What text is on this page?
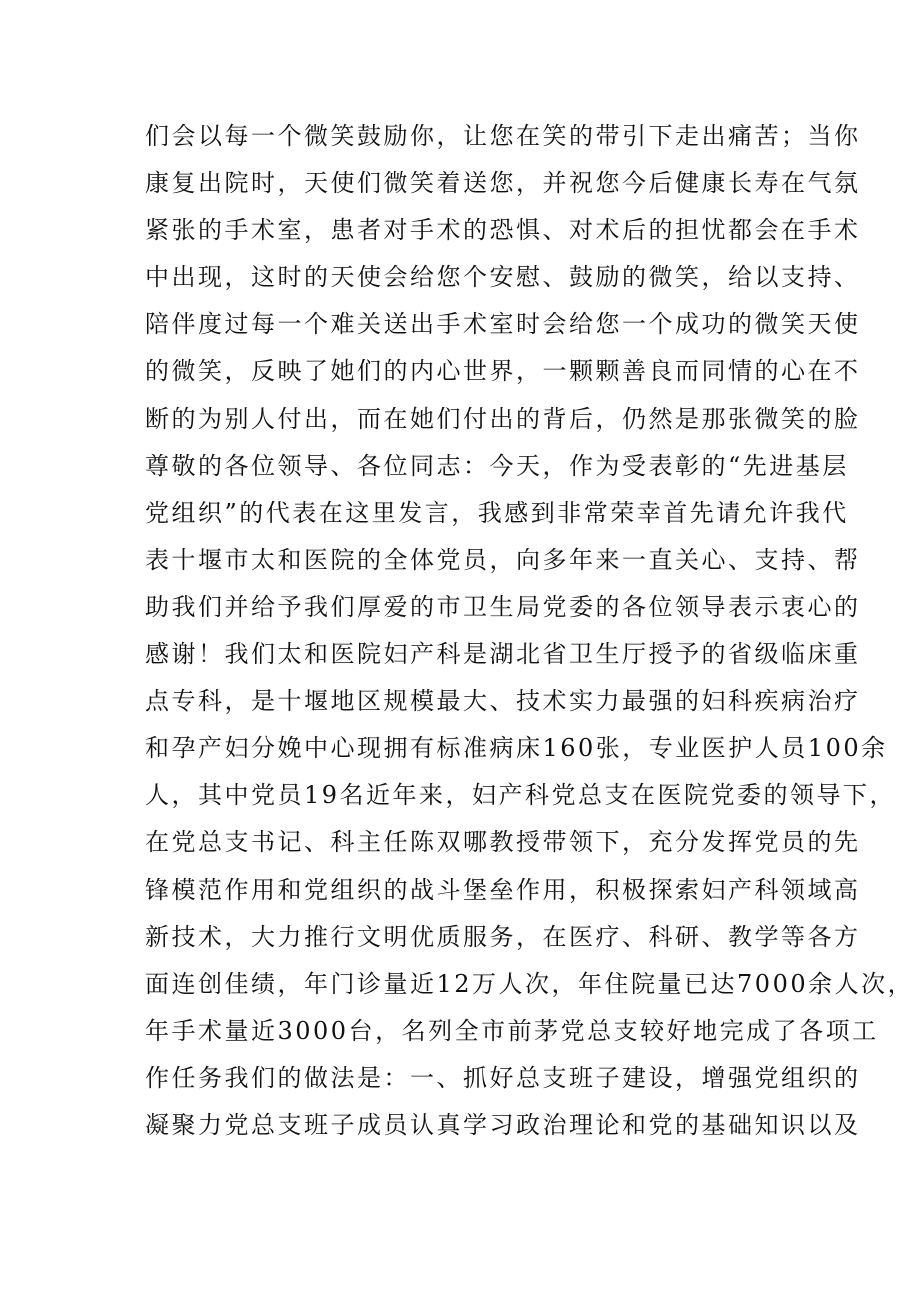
们会以每一个微笑鼓励你，让您在笑的带引下走出痛苦；当你
康复出院时，天使们微笑着送您，并祝您今后健康长寿在气氛
紧张的手术室，患者对手术的恐惧、对术后的担忧都会在手术
中出现，这时的天使会给您个安慰、鼓励的微笑，给以支持、
陪伴度过每一个难关送出手术室时会给您一个成功的微笑天使
的微笑，反映了她们的内心世界，一颗颗善良而同情的心在不
断的为别人付出，而在她们付出的背后，仍然是那张微笑的脸
尊敬的各位领导、各位同志：今天，作为受表彰的“先进基层
党组织”的代表在这里发言，我感到非常荣幸首先请允许我代
表十堰市太和医院的全体党员，向多年来一直关心、支持、帮
助我们并给予我们厚爱的市卫生局党委的各位领导表示衷心的
感谢！我们太和医院妇产科是湖北省卫生厅授予的省级临床重
点专科，是十堰地区规模最大、技术实力最强的妇科疾病治疗
和孕产妇分娩中心现拥有标准病床160张，专业医护人员100余
人，其中党员19名近年来，妇产科党总支在医院党委的领导下，
在党总支书记、科主任陈双哪教授带领下，充分发挥党员的先
锋模范作用和党组织的战斗堡垒作用，积极探索妇产科领域高
新技术，大力推行文明优质服务，在医疗、科研、教学等各方
面连创佳绩，年门诊量近12万人次，年住院量已达7000余人次，
年手术量近3000台，名列全市前茅党总支较好地完成了各项工
作任务我们的做法是：一、抓好总支班子建设，增强党组织的
凝聚力党总支班子成员认真学习政治理论和党的基础知识以及
